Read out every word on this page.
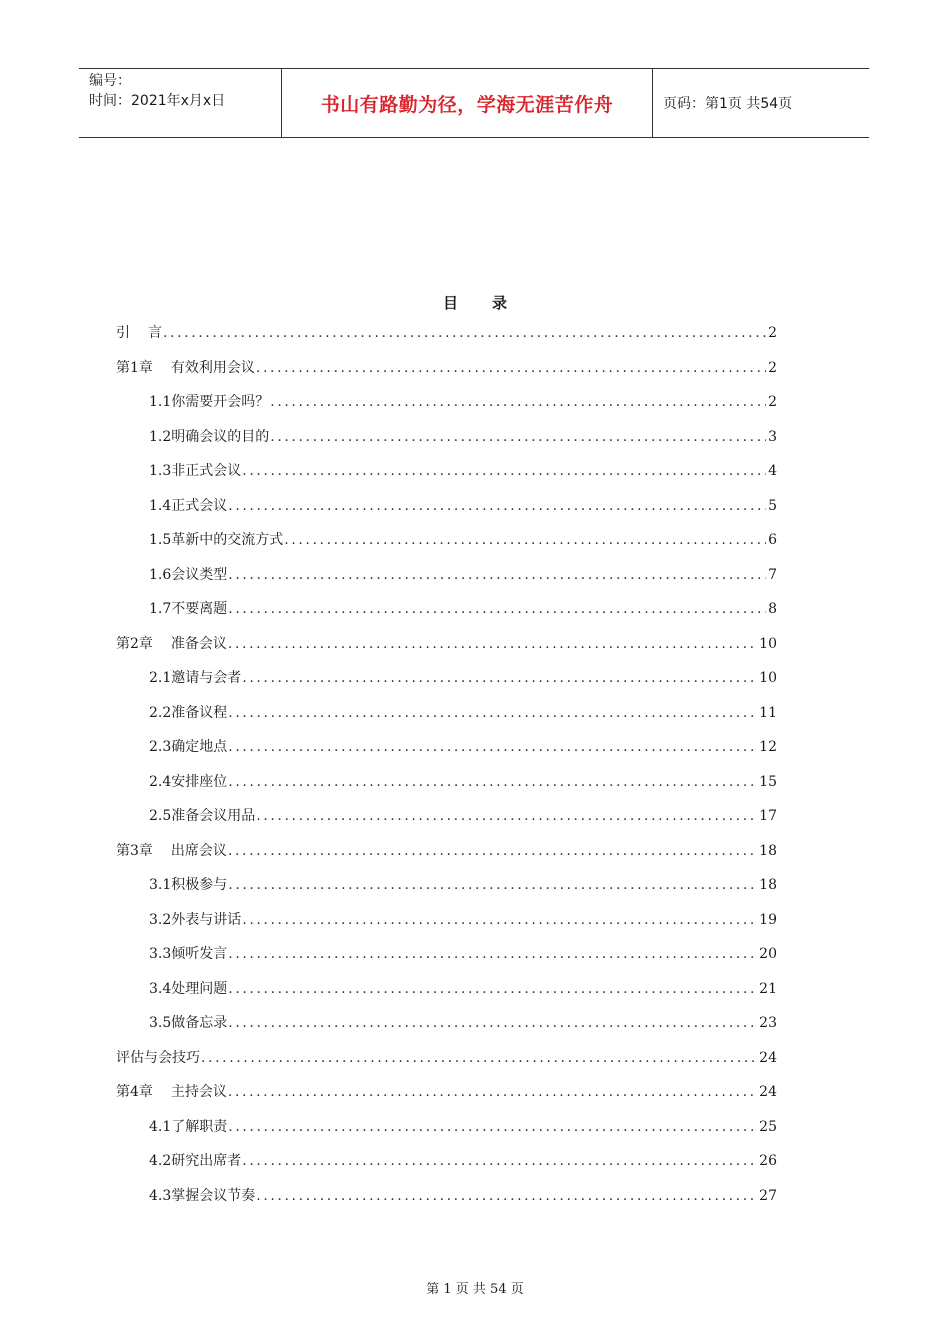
编号：
时间：2021年x月x日	书山有路勤为径，学海无涯苦作舟	页码：第1页 共54页
目 录
引 言 .....	2
第1章 有效利用会议 .....	2
1.1你需要开会吗？ .....	2
1.2明确会议的目的 .....	3
1.3非正式会议 .....	4
1.4正式会议 .....	5
1.5革新中的交流方式 .....	6
1.6会议类型 .....	7
1.7不要离题 .....	8
第2章 准备会议 .....	10
2.1邀请与会者 .....	10
2.2准备议程 .....	11
2.3确定地点 .....	12
2.4安排座位 .....	15
2.5准备会议用品 .....	17
第3章 出席会议 .....	18
3.1积极参与 .....	18
3.2外表与讲话 .....	19
3.3倾听发言 .....	20
3.4处理问题 .....	21
3.5做备忘录 .....	23
评估与会技巧 .....	24
第4章 主持会议 .....	24
4.1了解职责 .....	25
4.2研究出席者 .....	26
4.3掌握会议节奏 .....	27
第 1 页 共 54 页
